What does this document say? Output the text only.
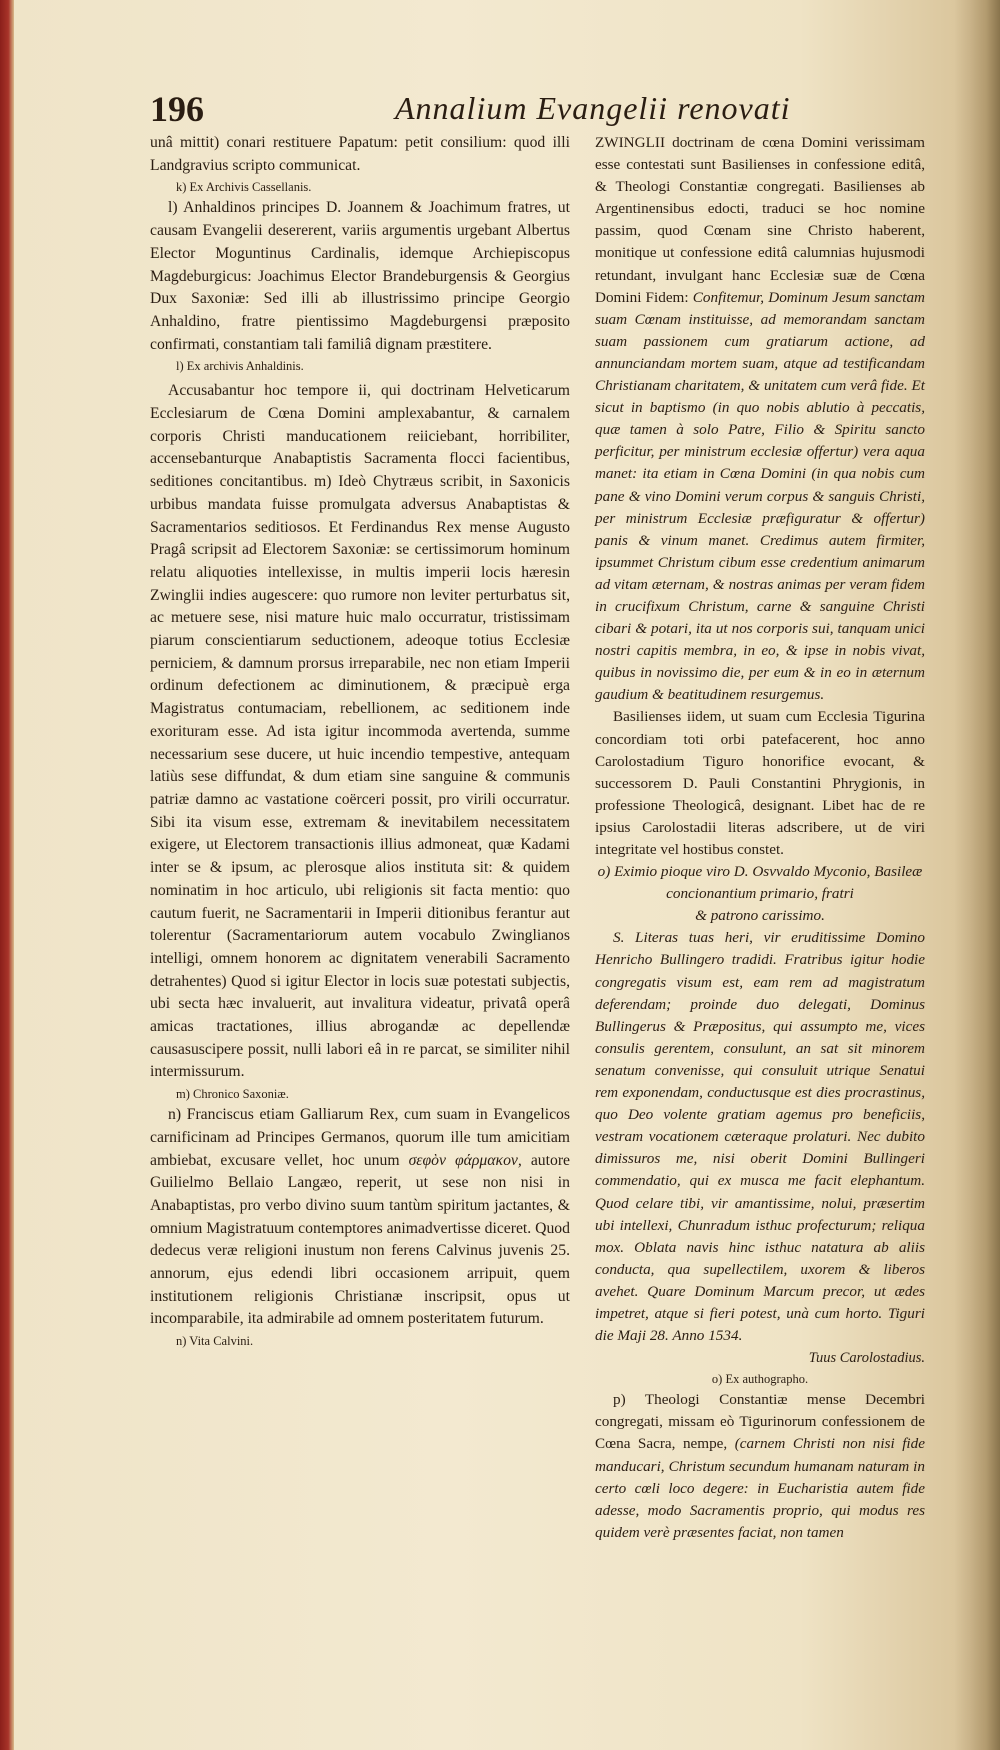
196	Annalium Evangelii renovati

unâ mittit) conari restituere Papatum: petit consilium: quod illi Landgravius scripto communicat.

k) Ex Archivis Cassellanis.

l) Anhaldinos principes D. Joannem & Joachimum fratres, ut causam Evangelii desererent, variis argumentis urgebant Albertus Elector Moguntinus Cardinalis, idemque Archiepiscopus Magdeburgicus: Joachimus Elector Brandeburgensis & Georgius Dux Saxoniæ: Sed illi ab illustrissimo principe Georgio Anhaldino, fratre pientissimo Magdeburgensi præposito confirmati, constantiam tali familiâ dignam præstitere.

l) Ex archivis Anhaldinis.

Accusabantur hoc tempore ii, qui doctrinam Helveticarum Ecclesiarum de Cœna Domini amplexabantur, & carnalem corporis Christi manducationem reiiciebant, horribiliter, accensebanturque Anabaptistis Sacramenta flocci facientibus, seditiones concitantibus. m) Ideò Chytræus scribit, in Saxonicis urbibus mandata fuisse promulgata adversus Anabaptistas & Sacramentarios seditiosos. Et Ferdinandus Rex mense Augusto Pragâ scripsit ad Electorem Saxoniæ: se certissimorum hominum relatu aliquoties intellexisse, in multis imperii locis hæresin Zwinglii indies augescere: quo rumore non leviter perturbatus sit, ac metuere sese, nisi mature huic malo occurratur, tristissimam piarum conscientiarum seductionem, adeoque totius Ecclesiæ perniciem, & damnum prorsus irreparabile, nec non etiam Imperii ordinum defectionem ac diminutionem, & præcipuè erga Magistratus contumaciam, rebellionem, ac seditionem inde exorituram esse. Ad ista igitur incommoda avertenda, summe necessarium sese ducere, ut huic incendio tempestive, antequam latiùs sese diffundat, & dum etiam sine sanguine & communis patriæ damno ac vastatione coërceri possit, pro virili occurratur. Sibi ita visum esse, extremam & inevitabilem necessitatem exigere, ut Electorem transactionis illius admoneat, quæ Kadami inter se & ipsum, ac plerosque alios instituta sit: & quidem nominatim in hoc articulo, ubi religionis sit facta mentio: quo cautum fuerit, ne Sacramentarii in Imperii ditionibus ferantur aut tolerentur (Sacramentariorum autem vocabulo Zwinglianos intelligi, omnem honorem ac dignitatem venerabili Sacramento detrahentes) Quod si igitur Elector in locis suæ potestati subjectis, ubi secta hæc invaluerit, aut invalitura videatur, privatâ operâ amicas tractationes, illius abrogandæ ac depellendæ causasuscipere possit, nulli labori eâ in re parcat, se similiter nihil intermissurum.

m) Chronico Saxoniæ.

n) Franciscus etiam Galliarum Rex, cum suam in Evangelicos carnificinam ad Principes Germanos, quorum ille tum amicitiam ambiebat, excusare vellet, hoc unum σεφὸν φάρμακον, autore Guilielmo Bellaio Langæo, reperit, ut sese non nisi in Anabaptistas, pro verbo divino suum tantùm spiritum jactantes, & omnium Magistratuum contemptores animadvertisse diceret. Quod dedecus veræ religioni inustum non ferens Calvinus juvenis 25. annorum, ejus edendi libri occasionem arripuit, quem institutionem religionis Christianæ inscripsit, opus ut incomparabile, ita admirabile ad omnem posteritatem futurum.

n) Vita Calvini.

ZWINGLII doctrinam de cœna Domini verissimam esse contestati sunt Basilienses in confessione editâ, & Theologi Constantiæ congregati. Basilienses ab Argentinensibus edocti, traduci se hoc nomine passim, quod Cœnam sine Christo haberent, monitique ut confessione editâ calumnias hujusmodi retundant, invulgant hanc Ecclesiæ suæ de Cœna Domini Fidem: Confitemur, Dominum Jesum sanctam suam Cœnam instituisse, ad memorandam sanctam suam passionem cum gratiarum actione, ad annunciandam mortem suam, atque ad testificandam Christianam charitatem, & unitatem cum verâ fide. Et sicut in baptismo (in quo nobis ablutio à peccatis, quæ tamen à solo Patre, Filio & Spiritu sancto perficitur, per ministrum ecclesiæ offertur) vera aqua manet: ita etiam in Cœna Domini (in qua nobis cum pane & vino Domini verum corpus & sanguis Christi, per ministrum Ecclesiæ præfiguratur & offertur) panis & vinum manet. Credimus autem firmiter, ipsummet Christum cibum esse credentium animarum ad vitam æternam, & nostras animas per veram fidem in crucifixum Christum, carne & sanguine Christi cibari & potari, ita ut nos corporis sui, tanquam unici nostri capitis membra, in eo, & ipse in nobis vivat, quibus in novissimo die, per eum & in eo in æternum gaudium & beatitudinem resurgemus.

Basilienses iidem, ut suam cum Ecclesia Tigurina concordiam toti orbi patefacerent, hoc anno Carolostadium Tiguro honorifice evocant, & successorem D. Pauli Constantini Phrygionis, in professione Theologicâ, designant. Libet hac de re ipsius Carolostadii literas adscribere, ut de viri integritate vel hostibus constet.

o) Eximio pioque viro D. Osvvaldo Myconio, Basileæ concionantium primario, fratri

& patrono carissimo.

S. Literas tuas heri, vir eruditissime Domino Henricho Bullingero tradidi. Fratribus igitur hodie congregatis visum est, eam rem ad magistratum deferendam; proinde duo delegati, Dominus Bullingerus & Præpositus, qui assumpto me, vices consulis gerentem, consulunt, an sat sit minorem senatum convenisse, qui consuluit utrique Senatui rem exponendam, conductusque est dies procrastinus, quo Deo volente gratiam agemus pro beneficiis, vestram vocationem cæteraque prolaturi. Nec dubito dimissuros me, nisi oberit Domini Bullingeri commendatio, qui ex musca me facit elephantum. Quod celare tibi, vir amantissime, nolui, præsertim ubi intellexi, Chunradum isthuc profecturum; reliqua mox. Oblata navis hinc isthuc natatura ab aliis conducta, qua supellectilem, uxorem & liberos avehet. Quare Dominum Marcum precor, ut ædes impetret, atque si fieri potest, unà cum horto. Tiguri die Maji 28. Anno 1534.

Tuus Carolostadius.

o) Ex authographo.

p) Theologi Constantiæ mense Decembri congregati, missam eò Tigurinorum confessionem de Cœna Sacra, nempe, (carnem Christi non nisi fide manducari, Christum secundum humanam naturam in certo cœli loco degere: in Eucharistia autem fide adesse, modo Sacramentis proprio, qui modus res quidem verè præsentes faciat, non tamen
